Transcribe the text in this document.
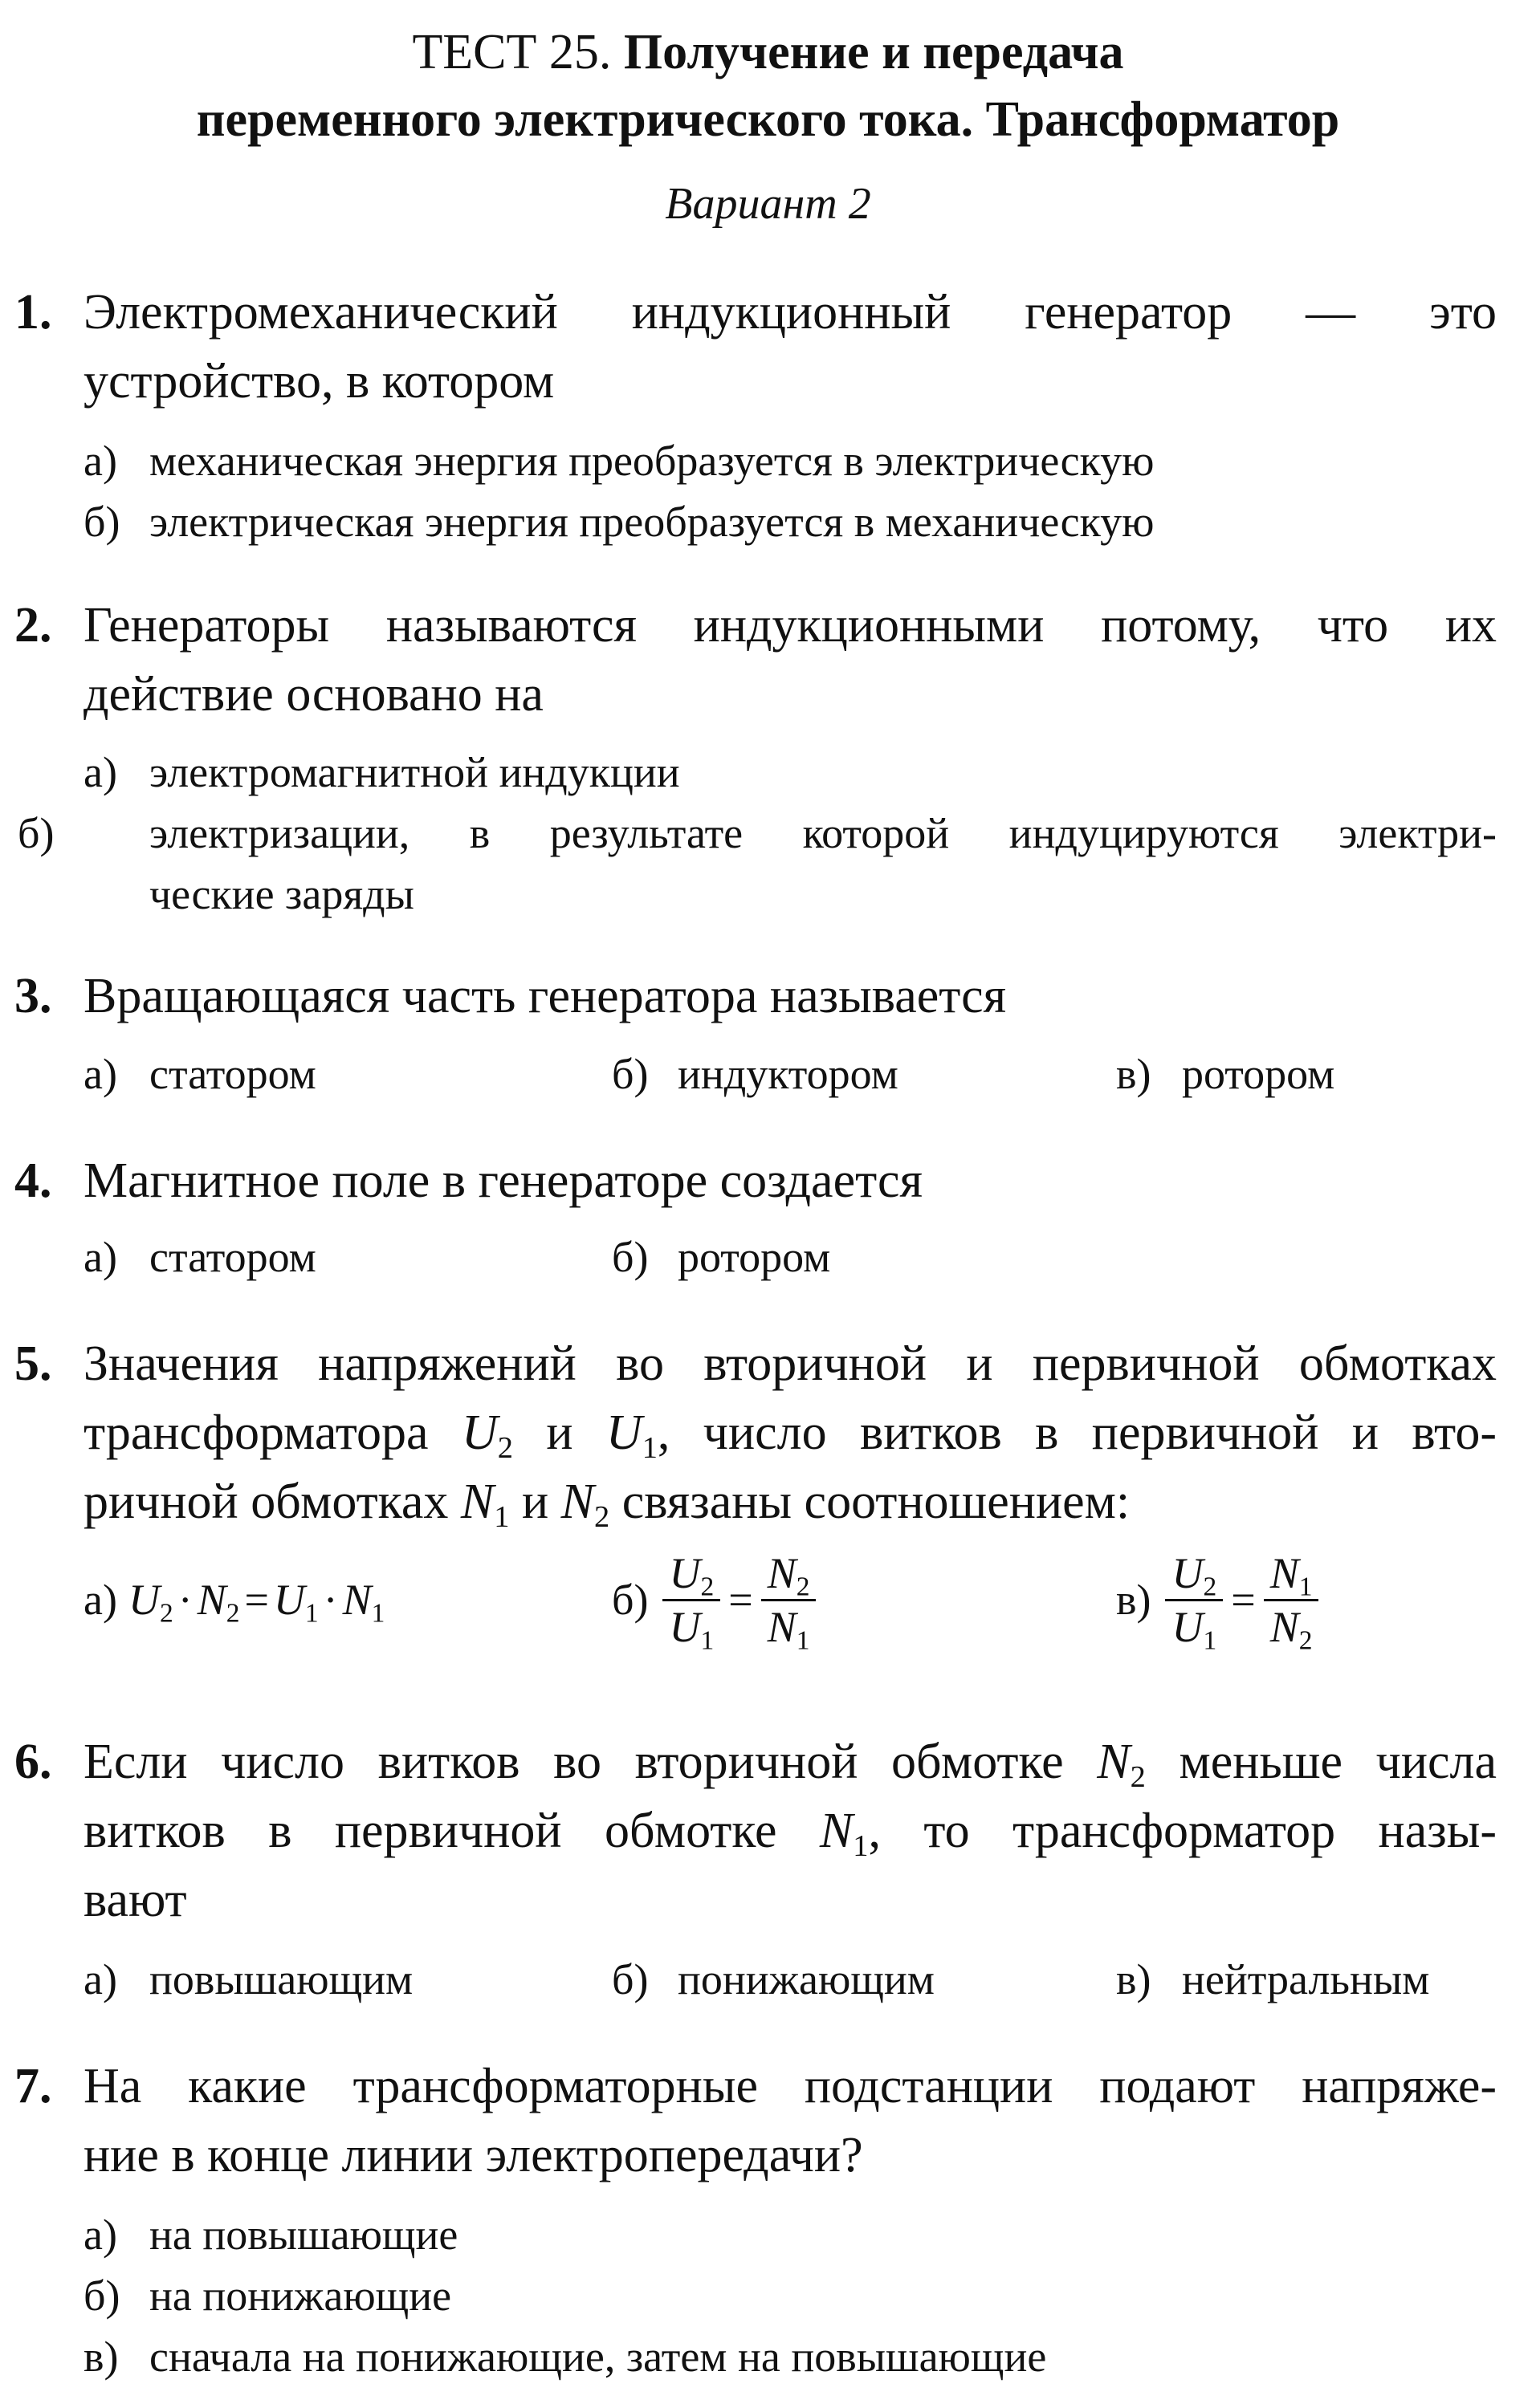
ТЕСТ 25. Получение и передача
переменного электрического тока. Трансформатор
Вариант 2
1. Электромеханический индукционный генератор — это
устройство, в котором
а) механическая энергия преобразуется в электрическую
б) электрическая энергия преобразуется в механическую
2. Генераторы называются индукционными потому, что их
действие основано на
а) электромагнитной индукции
б) электризации, в результате которой индуцируются электри-
ческие заряды
3. Вращающаяся часть генератора называется
а) статором	б) индуктором	в) ротором
4. Магнитное поле в генераторе создается
а) статором	б) ротором
5. Значения напряжений во вторичной и первичной обмотках
трансформатора $U_2$ и $U_1$, число витков в первичной и вто-
ричной обмотках $N_1$ и $N_2$ связаны соотношением:
а) $U_2 \cdot N_2 = U_1 \cdot N_1$	$б) \frac{U_2}{U_1} = \frac{N_2}{N_1}$	$в) \frac{U_2}{U_1} = \frac{N_1}{N_2}$
6. Если число витков во вторичной обмотке $N_2$ меньше числа
витков в первичной обмотке $N_1$, то трансформатор назы-
вают
а) повышающим	б) понижающим	в) нейтральным
7. На какие трансформаторные подстанции подают напряже-
ние в конце линии электропередачи?
а) на повышающие
б) на понижающие
в) сначала на понижающие, затем на повышающие
